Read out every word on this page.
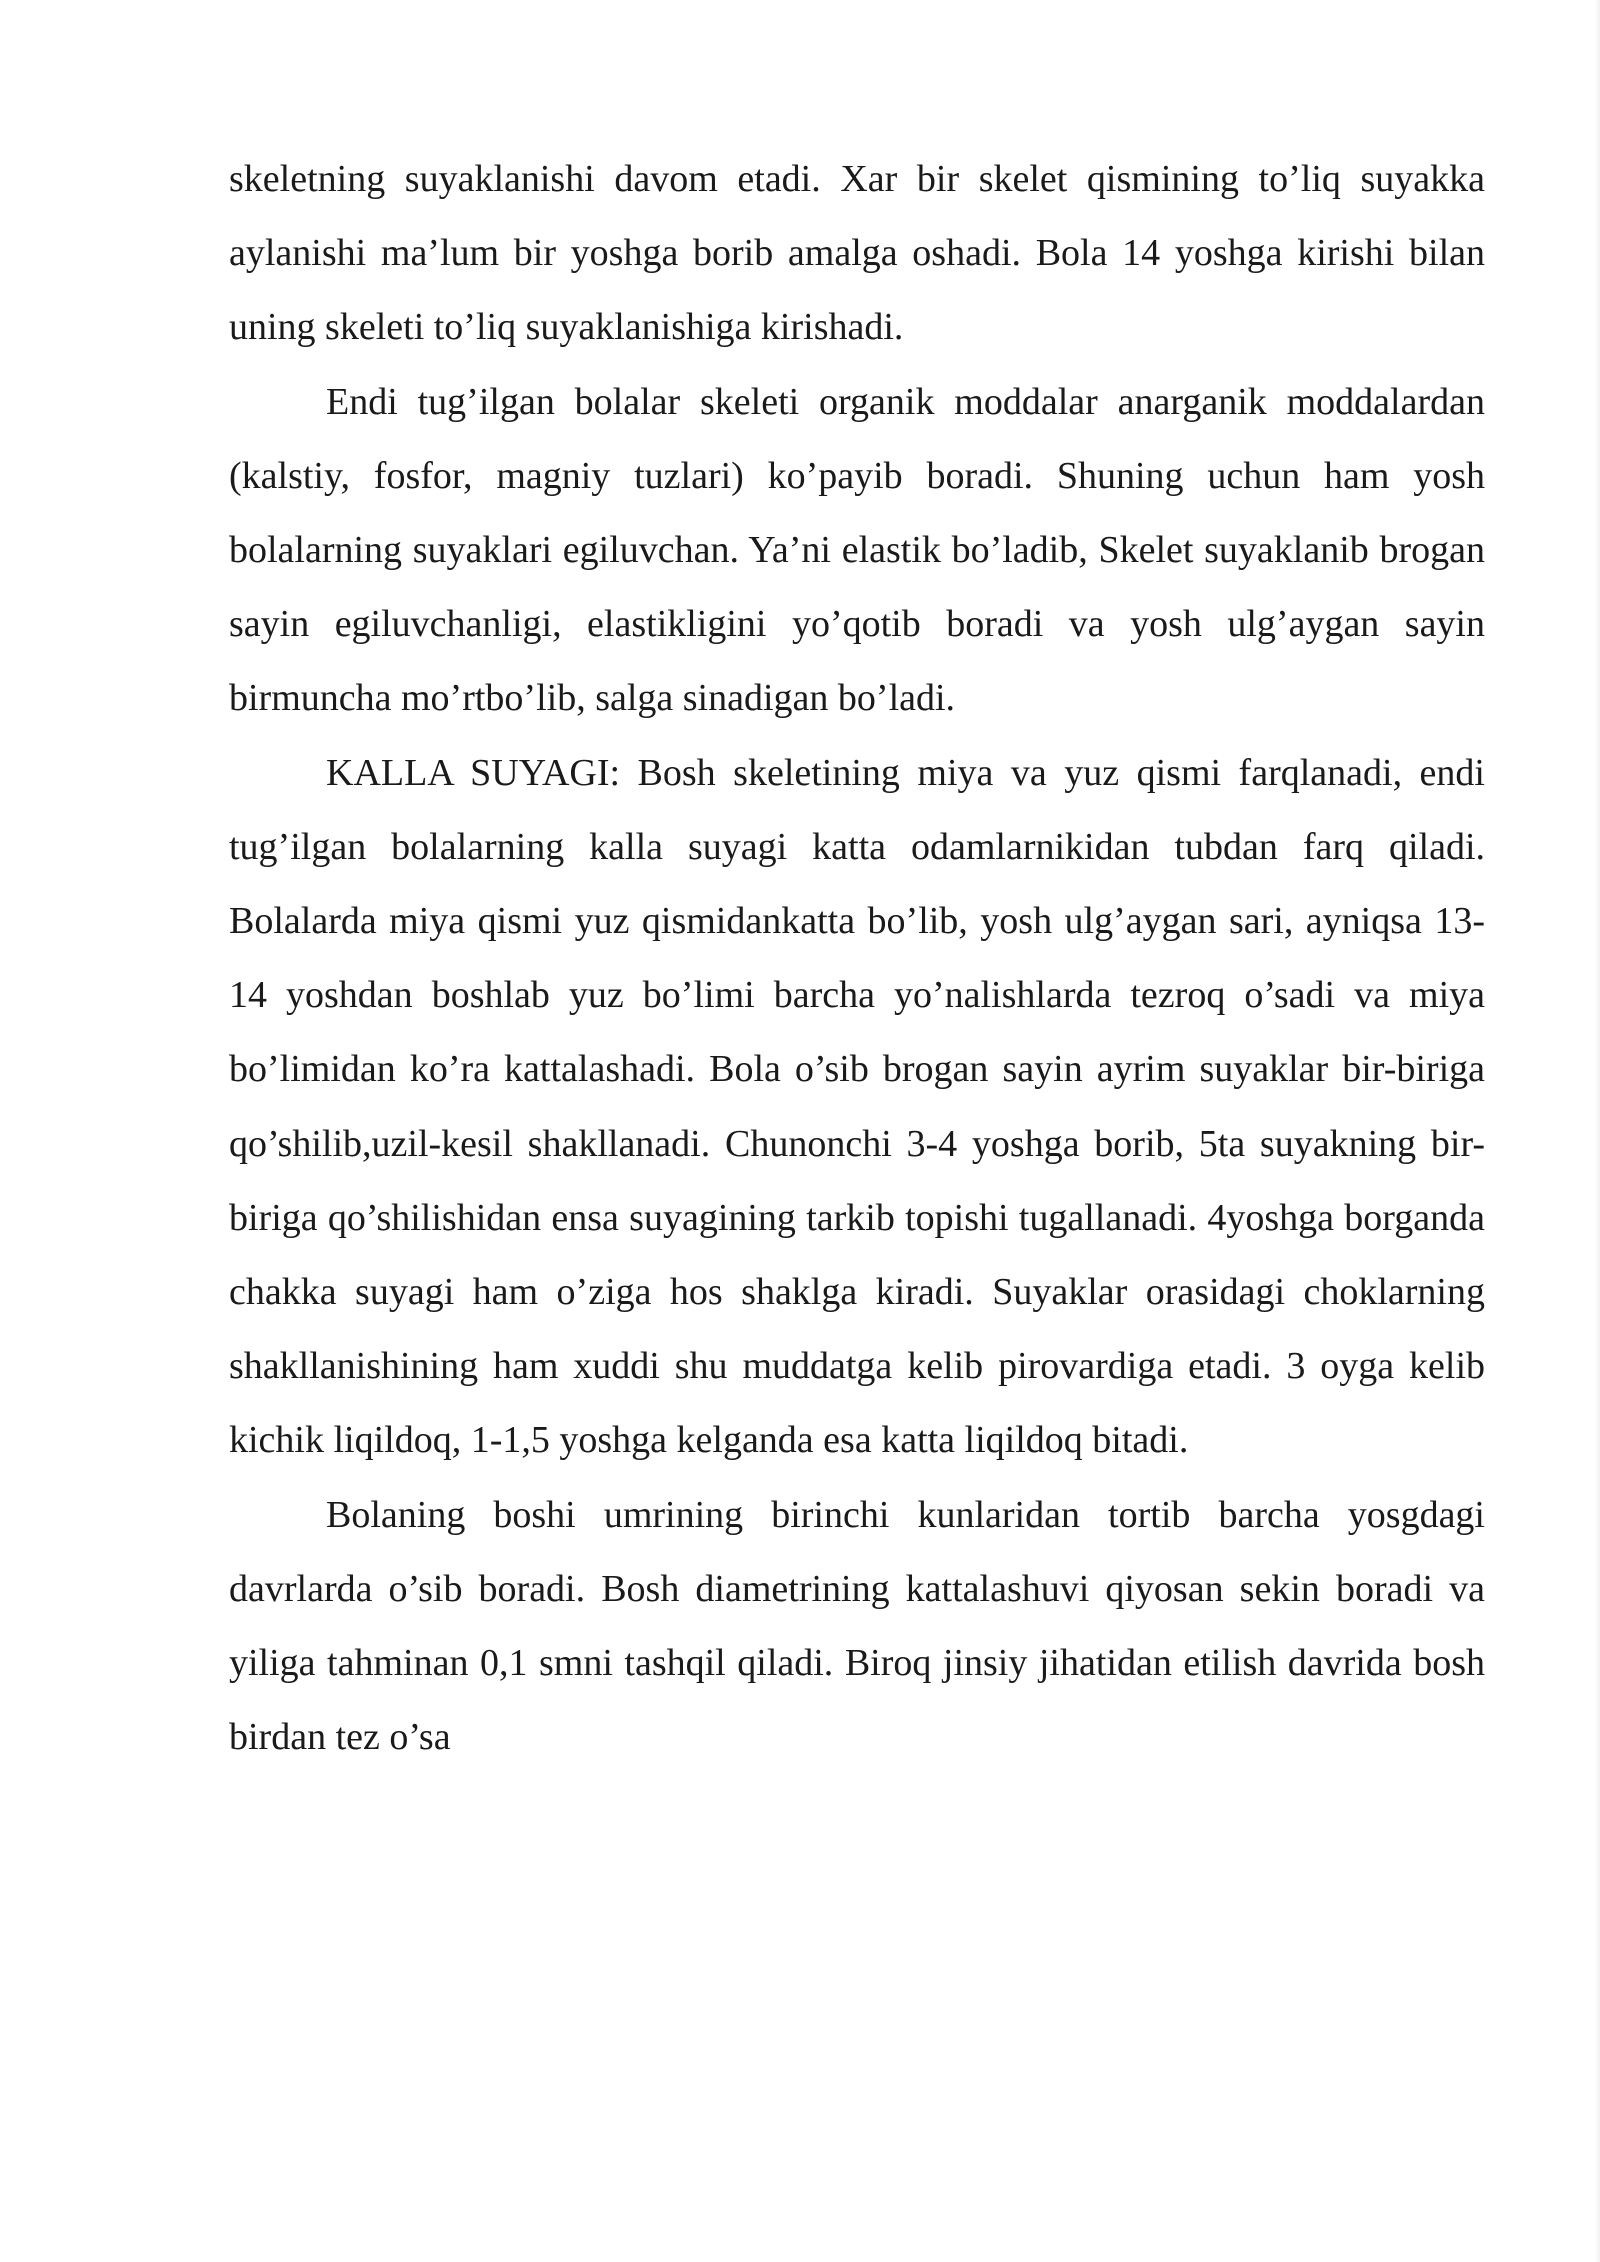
skeletning suyaklanishi davom etadi. Xar bir skelet qismining to’liq suyakka aylanishi ma’lum bir yoshga borib amalga oshadi. Bola 14 yoshga kirishi bilan uning skeleti to’liq suyaklanishiga kirishadi.

Endi tug’ilgan bolalar skeleti organik moddalar anarganik moddalardan (kalstiy, fosfor, magniy tuzlari) ko’payib boradi. Shuning uchun ham yosh bolalarning suyaklari egiluvchan. Ya’ni elastik bo’ladib, Skelet suyaklanib brogan sayin egiluvchanligi, elastikligini yo’qotib boradi va yosh ulg’aygan sayin birmuncha mo’rtbo’lib, salga sinadigan bo’ladi.

KALLA SUYAGI: Bosh skeletining miya va yuz qismi farqlanadi, endi tug’ilgan bolalarning kalla suyagi katta odamlarnikidan tubdan farq qiladi. Bolalarda miya qismi yuz qismidankatta bo’lib, yosh ulg’aygan sari, ayniqsa 13-14 yoshdan boshlab yuz bo’limi barcha yo’nalishlarda tezroq o’sadi va miya bo’limidan ko’ra kattalashadi. Bola o’sib brogan sayin ayrim suyaklar bir-biriga qo’shilib,uzil-kesil shakllanadi. Chunonchi 3-4 yoshga borib, 5ta suyakning bir-biriga qo’shilishidan ensa suyagining tarkib topishi tugallanadi. 4yoshga borganda chakka suyagi ham o’ziga hos shaklga kiradi. Suyaklar orasidagi choklarning shakllanishining ham xuddi shu muddatga kelib pirovardiga etadi. 3 oyga kelib kichik liqildoq, 1-1,5 yoshga kelganda esa katta liqildoq bitadi.

Bolaning boshi umrining birinchi kunlaridan tortib barcha yosgdagi davrlarda o’sib boradi. Bosh diametrining kattalashuvi qiyosan sekin boradi va yiliga tahminan 0,1 smni tashqil qiladi. Biroq jinsiy jihatidan etilish davrida bosh birdan tez o’sa
